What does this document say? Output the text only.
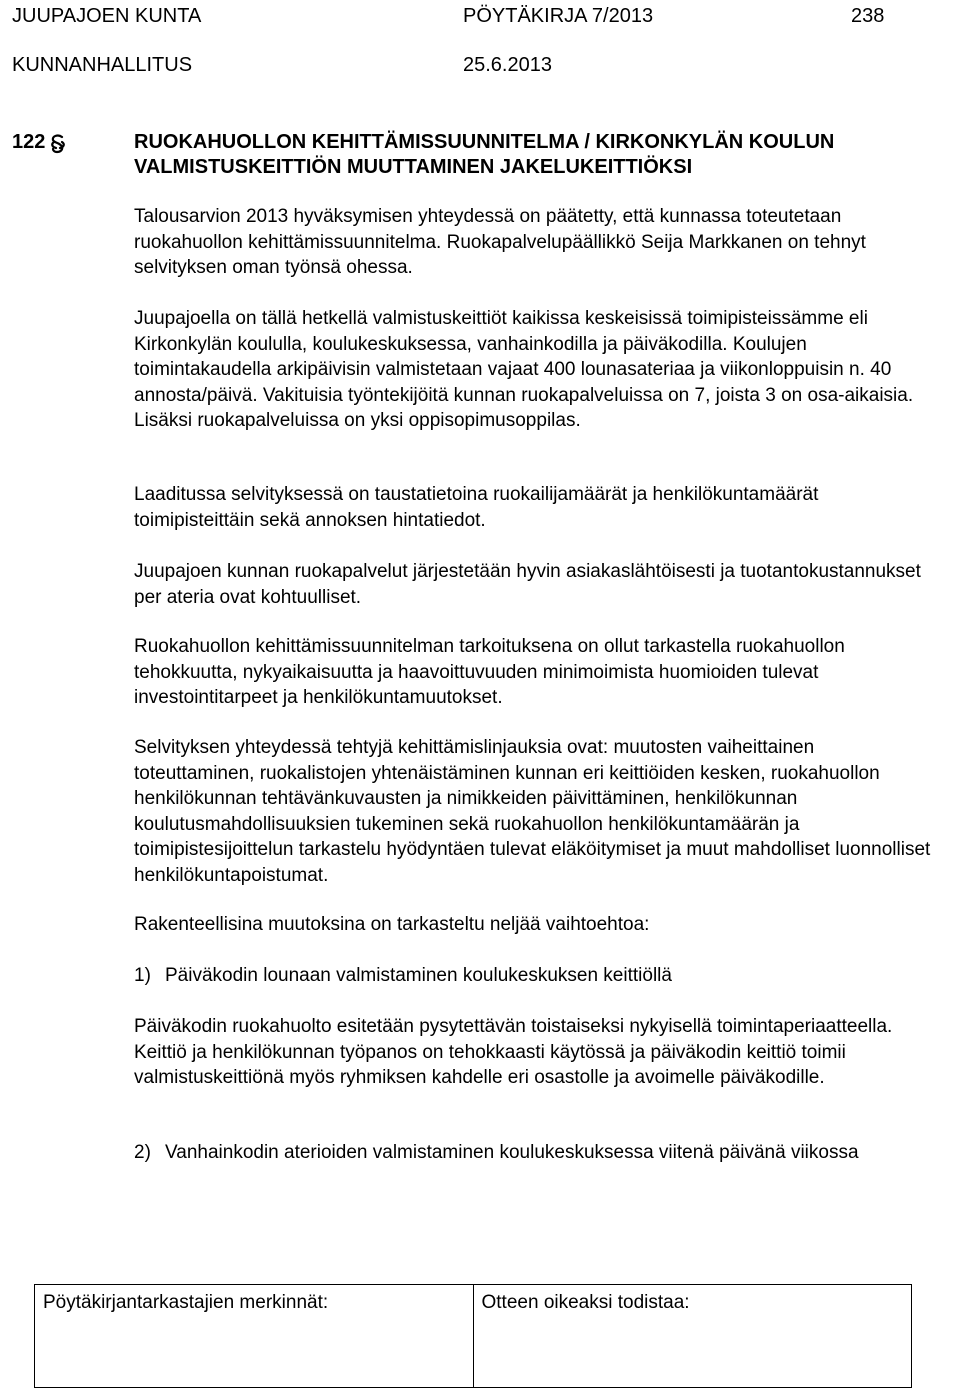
JUUPAJOEN KUNTA	PÖYTÄKIRJA 7/2013	238
KUNNANHALLITUS	25.6.2013
122	RUOKAHUOLLON KEHITTÄMISSUUNNITELMA / KIRKONKYLÄN KOULUN VALMISTUSKEITTIÖN MUUTTAMINEN JAKELUKEITTIÖKSI

Talousarvion 2013 hyväksymisen yhteydessä on päätetty, että kunnassa toteutetaan ruokahuollon kehittämissuunnitelma. Ruokapalvelupäällikkö Seija Markkanen on tehnyt selvityksen oman työnsä ohessa.

Juupajoella on tällä hetkellä valmistuskeittiöt kaikissa keskeisissä toimipisteissämme eli Kirkonkylän koululla, koulukeskuksessa, vanhainkodilla ja päiväkodilla. Koulujen toimintakaudella arkipäivisin valmistetaan vajaat 400 lounasateriaa ja viikonloppuisin n. 40 annosta/päivä. Vakituisia työntekijöitä kunnan ruokapalveluissa on 7, joista 3 on osa-aikaisia. Lisäksi ruokapalveluissa on yksi oppisopimusoppilas.

Laaditussa selvityksessä on taustatietoina ruokailijamäärät ja henkilökuntamäärät toimipisteittäin sekä annoksen hintatiedot.

Juupajoen kunnan ruokapalvelut järjestetään hyvin asiakaslähtöisesti ja tuotantokustannukset per ateria ovat kohtuulliset.

Ruokahuollon kehittämissuunnitelman tarkoituksena on ollut tarkastella ruokahuollon tehokkuutta, nykyaikaisuutta ja haavoittuvuuden minimoimista huomioiden tulevat investointitarpeet ja henkilökuntamuutokset.

Selvityksen yhteydessä tehtyjä kehittämislinjauksia ovat: muutosten vaiheittainen toteuttaminen, ruokalistojen yhtenäistäminen kunnan eri keittiöiden kesken, ruokahuollon henkilökunnan tehtävänkuvausten ja nimikkeiden päivittäminen, henkilökunnan koulutusmahdollisuuksien tukeminen sekä ruokahuollon henkilökuntamäärän ja toimipistesijoittelun tarkastelu hyödyntäen tulevat eläköitymiset ja muut mahdolliset luonnolliset henkilökuntapoistumat.

Rakenteellisina muutoksina on tarkasteltu neljää vaihtoehtoa:

1) Päiväkodin lounaan valmistaminen koulukeskuksen keittiöllä

Päiväkodin ruokahuolto esitetään pysytettävän toistaiseksi nykyisellä toimintaperiaatteella. Keittiö ja henkilökunnan työpanos on tehokkaasti käytössä ja päiväkodin keittiö toimii valmistuskeittiönä myös ryhmiksen kahdelle eri osastolle ja avoimelle päiväkodille.

2) Vanhainkodin aterioiden valmistaminen koulukeskuksessa viitenä päivänä viikossa
Pöytäkirjantarkastajien merkinnät:	Otteen oikeaksi todistaa:
